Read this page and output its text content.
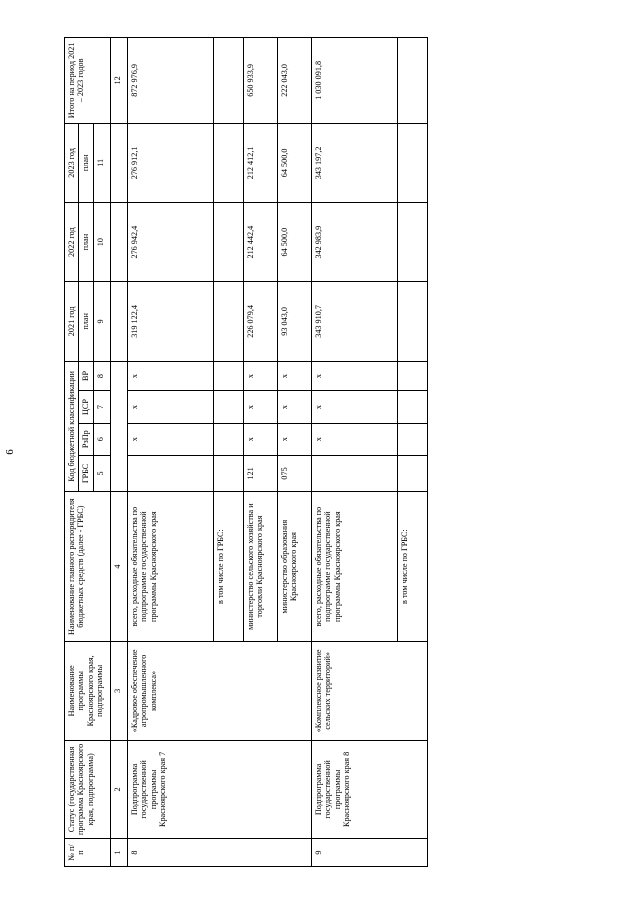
6
№ п/п	Статус (государственная программа Красноярского края, подпрограмма)	Наименование программы Красноярского края, подпрограммы	Наименование главного распорядителя бюджетных средств (далее - ГРБС)	Код бюджетной классификации				2021 год	2022 год	2023 год	Итого на период 2021 – 2023 годов
				ГРБС	РзПр	ЦСР	ВР	план	план	план	
				5	6	7	8	9	10	11	
1	2	3	4								12
8	Подпрограмма государственной программы Красноярского края 7	«Кадровое обеспечение агропромышленного комплекса»	всего, расходные обязательства по подпрограмме государственной программы Красноярского края		х	х	х	319 122,4	276 942,4	276 912,1	872 976,9
			в том числе по ГРБС:								
			министерство сельского хозяйства и торговли Красноярского края	121	х	х	х	226 079,4	212 442,4	212 412,1	650 933,9
			министерство образования Красноярского края	075	х	х	х	93 043,0	64 500,0	64 500,0	222 043,0
9	Подпрограмма государственной программы Красноярского края 8	«Комплексное развитие сельских территорий»	всего, расходные обязательства по подпрограмме государственной программы Красноярского края		х	х	х	343 910,7	342 983,9	343 197,2	1 030 091,8
			в том числе по ГРБС:								
